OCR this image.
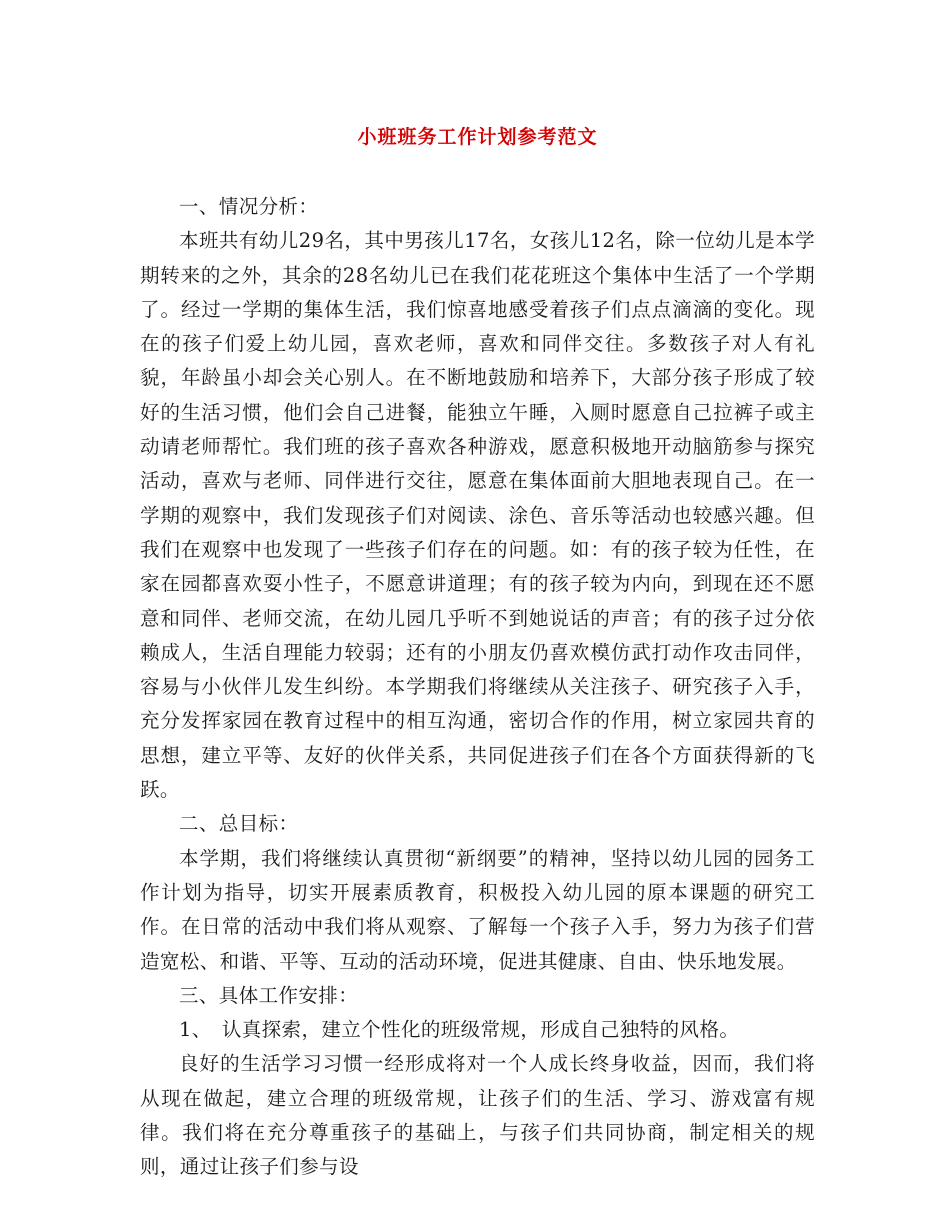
小班班务工作计划参考范文

一、情况分析：

本班共有幼儿29名，其中男孩儿17名，女孩儿12名，除一位幼儿是本学期转来的之外，其余的28名幼儿已在我们花花班这个集体中生活了一个学期了。经过一学期的集体生活，我们惊喜地感受着孩子们点点滴滴的变化。现在的孩子们爱上幼儿园，喜欢老师，喜欢和同伴交往。多数孩子对人有礼貌，年龄虽小却会关心别人。在不断地鼓励和培养下，大部分孩子形成了较好的生活习惯，他们会自己进餐，能独立午睡，入厕时愿意自己拉裤子或主动请老师帮忙。我们班的孩子喜欢各种游戏，愿意积极地开动脑筋参与探究活动，喜欢与老师、同伴进行交往，愿意在集体面前大胆地表现自己。在一学期的观察中，我们发现孩子们对阅读、涂色、音乐等活动也较感兴趣。但我们在观察中也发现了一些孩子们存在的问题。如：有的孩子较为任性，在家在园都喜欢耍小性子，不愿意讲道理；有的孩子较为内向，到现在还不愿意和同伴、老师交流，在幼儿园几乎听不到她说话的声音；有的孩子过分依赖成人，生活自理能力较弱；还有的小朋友仍喜欢模仿武打动作攻击同伴，容易与小伙伴儿发生纠纷。本学期我们将继续从关注孩子、研究孩子入手，充分发挥家园在教育过程中的相互沟通，密切合作的作用，树立家园共育的思想，建立平等、友好的伙伴关系，共同促进孩子们在各个方面获得新的飞跃。

二、总目标：

本学期，我们将继续认真贯彻“新纲要”的精神，坚持以幼儿园的园务工作计划为指导，切实开展素质教育，积极投入幼儿园的原本课题的研究工作。在日常的活动中我们将从观察、了解每一个孩子入手，努力为孩子们营造宽松、和谐、平等、互动的活动环境，促进其健康、自由、快乐地发展。

三、具体工作安排：

1、　认真探索，建立个性化的班级常规，形成自己独特的风格。

良好的生活学习习惯一经形成将对一个人成长终身收益，因而，我们将从现在做起，建立合理的班级常规，让孩子们的生活、学习、游戏富有规律。我们将在充分尊重孩子的基础上，与孩子们共同协商，制定相关的规则，通过让孩子们参与设
